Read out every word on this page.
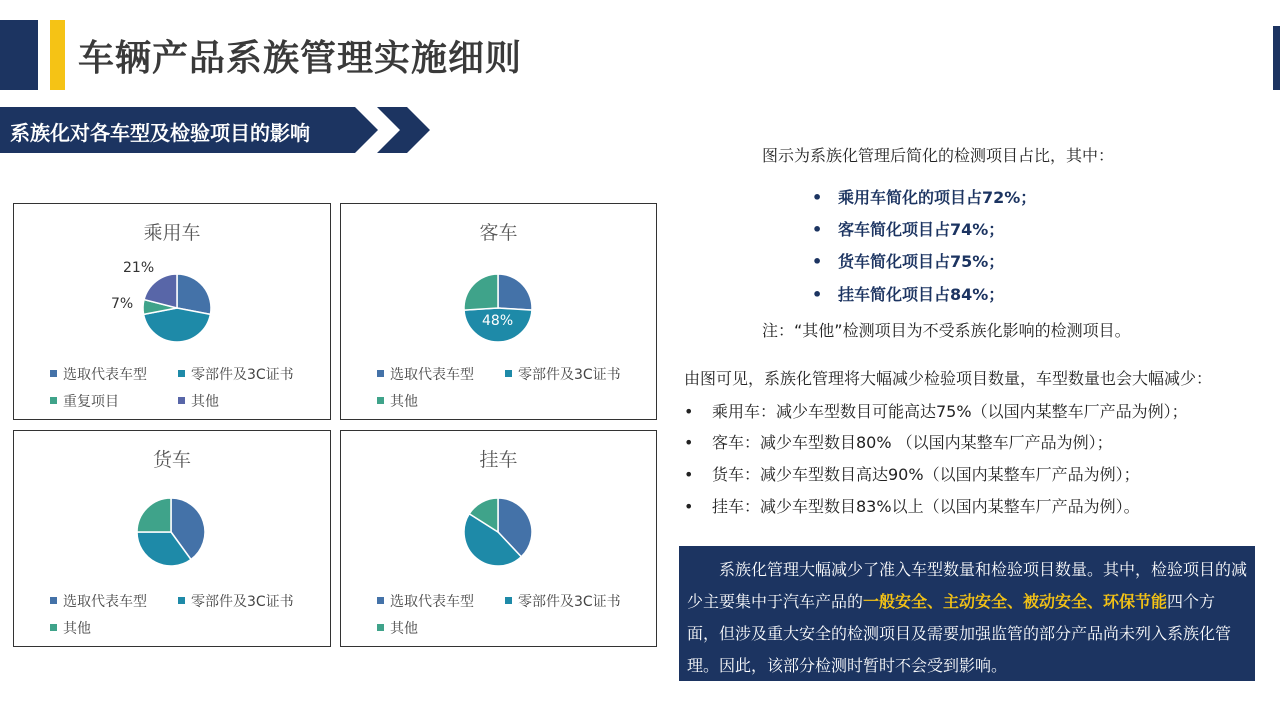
车辆产品系族管理实施细则
系族化对各车型及检验项目的影响
乘用车
21%
7%
选取代表车型	零部件及3C证书
重复项目	其他
客车
48%
选取代表车型	零部件及3C证书
其他
货车
选取代表车型	零部件及3C证书
其他
挂车
选取代表车型	零部件及3C证书
其他
图示为系族化管理后简化的检测项目占比，其中：
• 乘用车简化的项目占72%；
• 客车简化项目占74%；
• 货车简化项目占75%；
• 挂车简化项目占84%；
注：“其他”检测项目为不受系族化影响的检测项目。
由图可见，系族化管理将大幅减少检验项目数量，车型数量也会大幅减少：
• 乘用车：减少车型数目可能高达75%（以国内某整车厂产品为例）；
• 客车：减少车型数目80% （以国内某整车厂产品为例）；
• 货车：减少车型数目高达90%（以国内某整车厂产品为例）；
• 挂车：减少车型数目83%以上（以国内某整车厂产品为例）。
系族化管理大幅减少了准入车型数量和检验项目数量。其中，检验项目的减少主要集中于汽车产品的一般安全、主动安全、被动安全、环保节能四个方面，但涉及重大安全的检测项目及需要加强监管的部分产品尚未列入系族化管理。因此，该部分检测时暂时不会受到影响。
